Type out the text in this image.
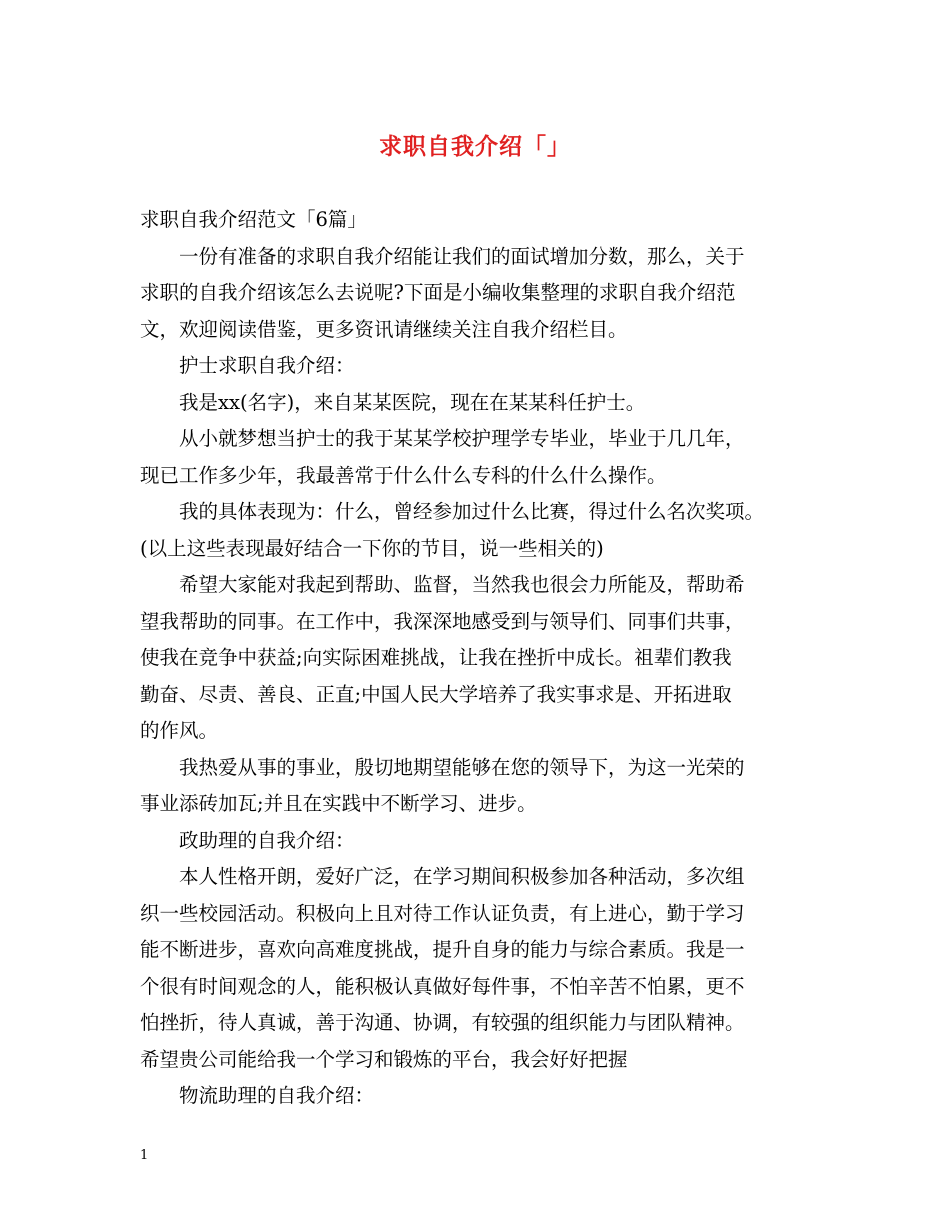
求职自我介绍「」
求职自我介绍范文「6篇」
一份有准备的求职自我介绍能让我们的面试增加分数，那么，关于
求职的自我介绍该怎么去说呢?下面是小编收集整理的求职自我介绍范
文，欢迎阅读借鉴，更多资讯请继续关注自我介绍栏目。
护士求职自我介绍：
我是xx(名字)，来自某某医院，现在在某某科任护士。
从小就梦想当护士的我于某某学校护理学专毕业，毕业于几几年，
现已工作多少年，我最善常于什么什么专科的什么什么操作。
我的具体表现为：什么，曾经参加过什么比赛，得过什么名次奖项。
(以上这些表现最好结合一下你的节目，说一些相关的)
希望大家能对我起到帮助、监督，当然我也很会力所能及，帮助希
望我帮助的同事。在工作中，我深深地感受到与领导们、同事们共事，
使我在竞争中获益;向实际困难挑战，让我在挫折中成长。祖辈们教我
勤奋、尽责、善良、正直;中国人民大学培养了我实事求是、开拓进取
的作风。
我热爱从事的事业，殷切地期望能够在您的领导下，为这一光荣的
事业添砖加瓦;并且在实践中不断学习、进步。
政助理的自我介绍：
本人性格开朗，爱好广泛，在学习期间积极参加各种活动，多次组
织一些校园活动。积极向上且对待工作认证负责，有上进心，勤于学习
能不断进步，喜欢向高难度挑战，提升自身的能力与综合素质。我是一
个很有时间观念的人，能积极认真做好每件事，不怕辛苦不怕累，更不
怕挫折，待人真诚，善于沟通、协调，有较强的组织能力与团队精神。
希望贵公司能给我一个学习和锻炼的平台，我会好好把握
物流助理的自我介绍：
1
